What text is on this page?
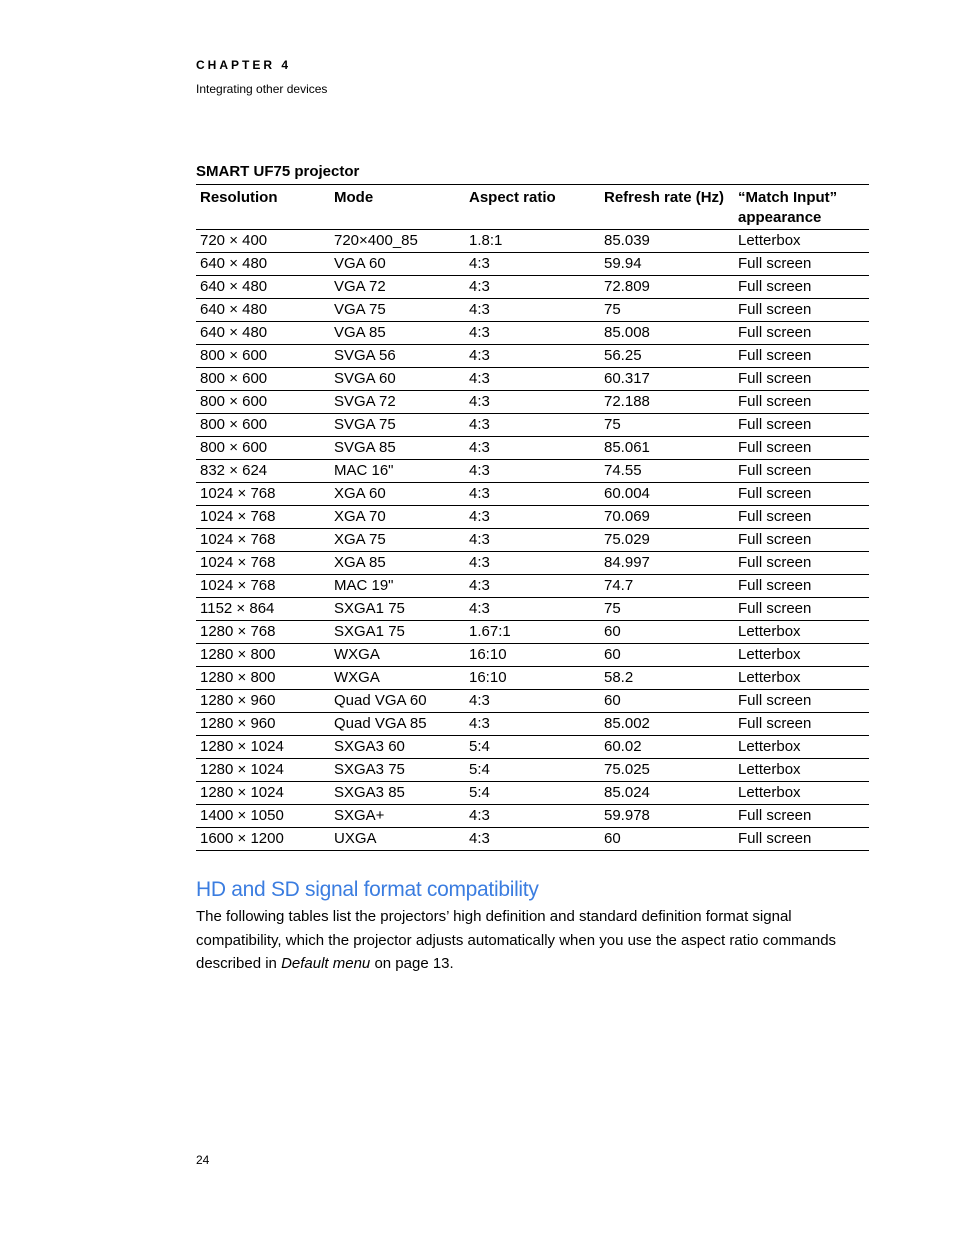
CHAPTER 4
Integrating other devices
SMART UF75 projector
Resolution	Mode	Aspect ratio	Refresh rate (Hz)	“Match Input” appearance
720 × 400	720×400_85	1.8:1	85.039	Letterbox
640 × 480	VGA 60	4:3	59.94	Full screen
640 × 480	VGA 72	4:3	72.809	Full screen
640 × 480	VGA 75	4:3	75	Full screen
640 × 480	VGA 85	4:3	85.008	Full screen
800 × 600	SVGA 56	4:3	56.25	Full screen
800 × 600	SVGA 60	4:3	60.317	Full screen
800 × 600	SVGA 72	4:3	72.188	Full screen
800 × 600	SVGA 75	4:3	75	Full screen
800 × 600	SVGA 85	4:3	85.061	Full screen
832 × 624	MAC 16"	4:3	74.55	Full screen
1024 × 768	XGA 60	4:3	60.004	Full screen
1024 × 768	XGA 70	4:3	70.069	Full screen
1024 × 768	XGA 75	4:3	75.029	Full screen
1024 × 768	XGA 85	4:3	84.997	Full screen
1024 × 768	MAC 19"	4:3	74.7	Full screen
1152 × 864	SXGA1 75	4:3	75	Full screen
1280 × 768	SXGA1 75	1.67:1	60	Letterbox
1280 × 800	WXGA	16:10	60	Letterbox
1280 × 800	WXGA	16:10	58.2	Letterbox
1280 × 960	Quad VGA 60	4:3	60	Full screen
1280 × 960	Quad VGA 85	4:3	85.002	Full screen
1280 × 1024	SXGA3 60	5:4	60.02	Letterbox
1280 × 1024	SXGA3 75	5:4	75.025	Letterbox
1280 × 1024	SXGA3 85	5:4	85.024	Letterbox
1400 × 1050	SXGA+	4:3	59.978	Full screen
1600 × 1200	UXGA	4:3	60	Full screen
HD and SD signal format compatibility

The following tables list the projectors’ high definition and standard definition format signal compatibility, which the projector adjusts automatically when you use the aspect ratio commands described in Default menu on page 13.

24
